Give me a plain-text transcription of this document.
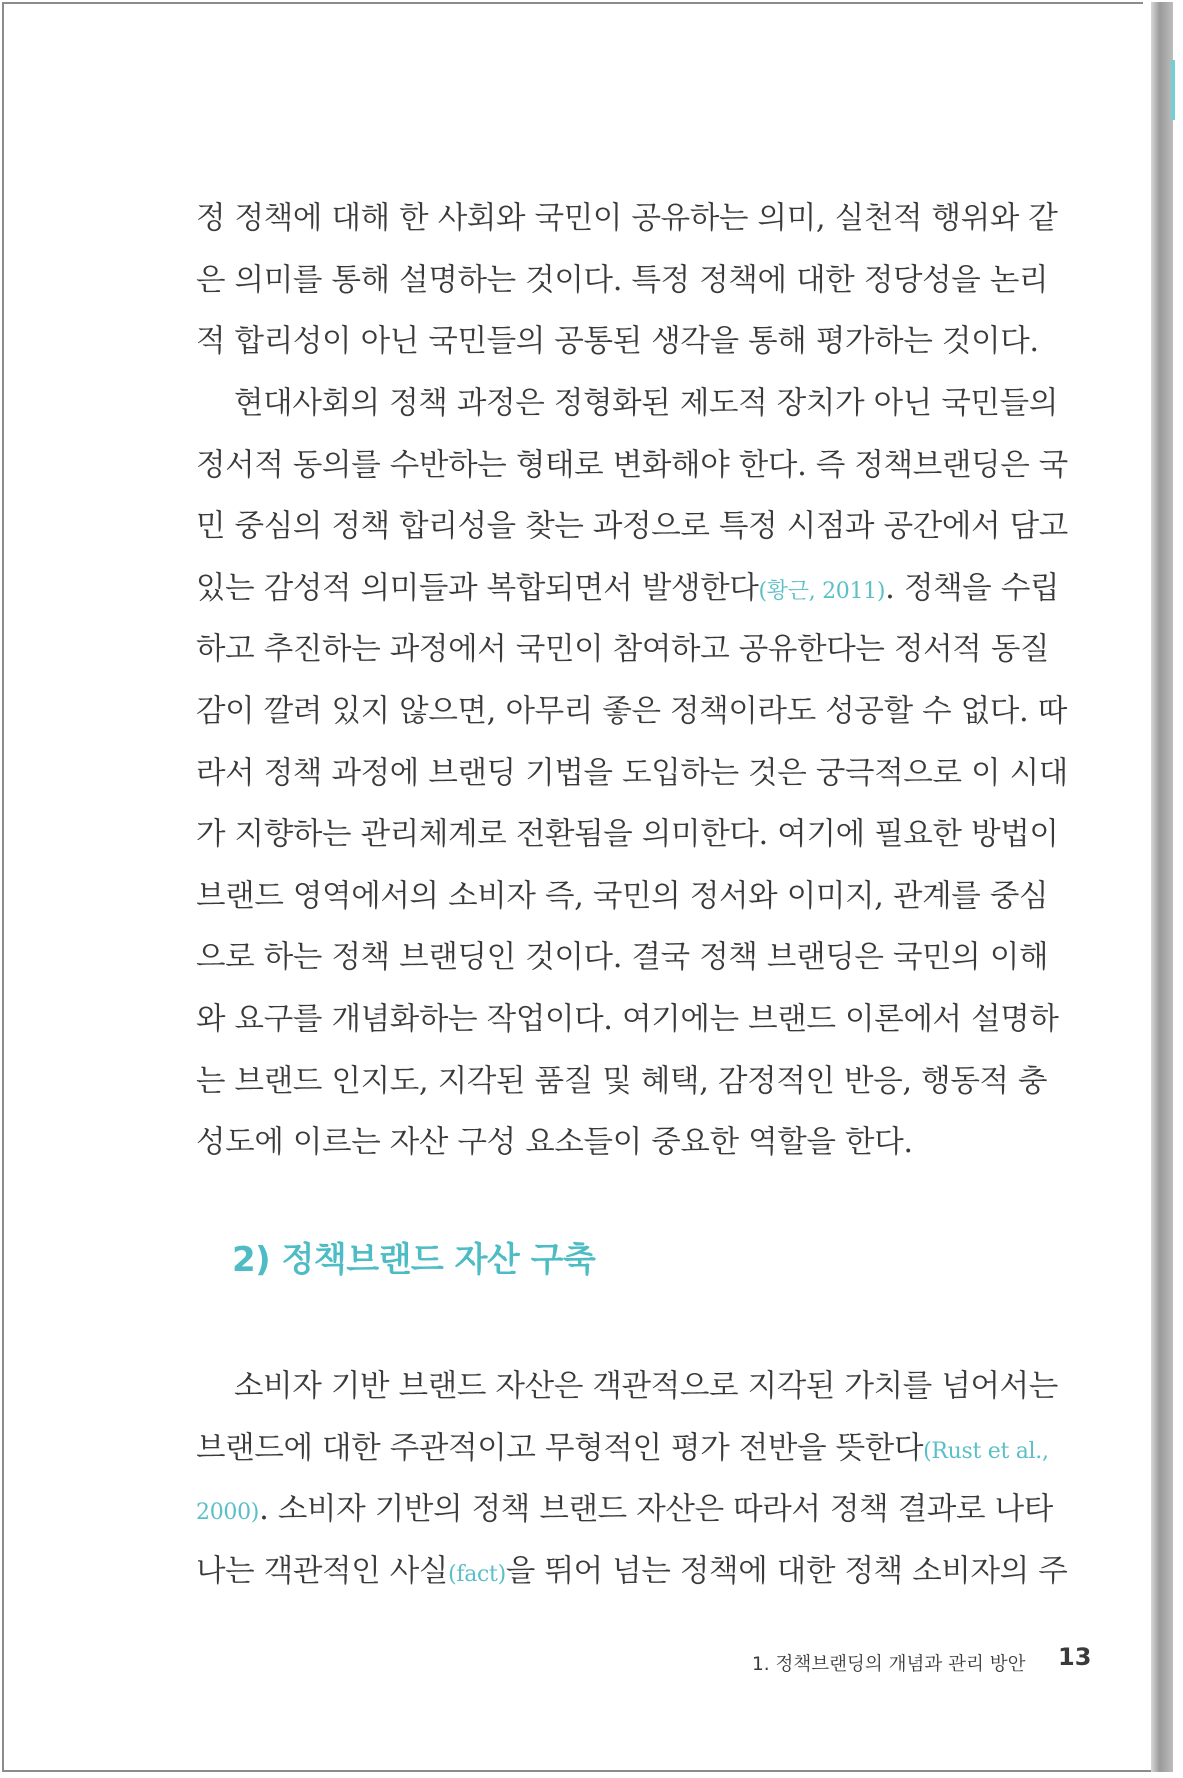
정 정책에 대해 한 사회와 국민이 공유하는 의미, 실천적 행위와 같
은 의미를 통해 설명하는 것이다. 특정 정책에 대한 정당성을 논리
적 합리성이 아닌 국민들의 공통된 생각을 통해 평가하는 것이다.
현대사회의 정책 과정은 정형화된 제도적 장치가 아닌 국민들의
정서적 동의를 수반하는 형태로 변화해야 한다. 즉 정책브랜딩은 국
민 중심의 정책 합리성을 찾는 과정으로 특정 시점과 공간에서 담고
있는 감성적 의미들과 복합되면서 발생한다(황근, 2011). 정책을 수립
하고 추진하는 과정에서 국민이 참여하고 공유한다는 정서적 동질
감이 깔려 있지 않으면, 아무리 좋은 정책이라도 성공할 수 없다. 따
라서 정책 과정에 브랜딩 기법을 도입하는 것은 궁극적으로 이 시대
가 지향하는 관리체계로 전환됨을 의미한다. 여기에 필요한 방법이
브랜드 영역에서의 소비자 즉, 국민의 정서와 이미지, 관계를 중심
으로 하는 정책 브랜딩인 것이다. 결국 정책 브랜딩은 국민의 이해
와 요구를 개념화하는 작업이다. 여기에는 브랜드 이론에서 설명하
는 브랜드 인지도, 지각된 품질 및 혜택, 감정적인 반응, 행동적 충
성도에 이르는 자산 구성 요소들이 중요한 역할을 한다.
2) 정책브랜드 자산 구축
소비자 기반 브랜드 자산은 객관적으로 지각된 가치를 넘어서는
브랜드에 대한 주관적이고 무형적인 평가 전반을 뜻한다(Rust et al.,
2000). 소비자 기반의 정책 브랜드 자산은 따라서 정책 결과로 나타
나는 객관적인 사실(fact)을 뛰어 넘는 정책에 대한 정책 소비자의 주
1. 정책브랜딩의 개념과 관리 방안 13
